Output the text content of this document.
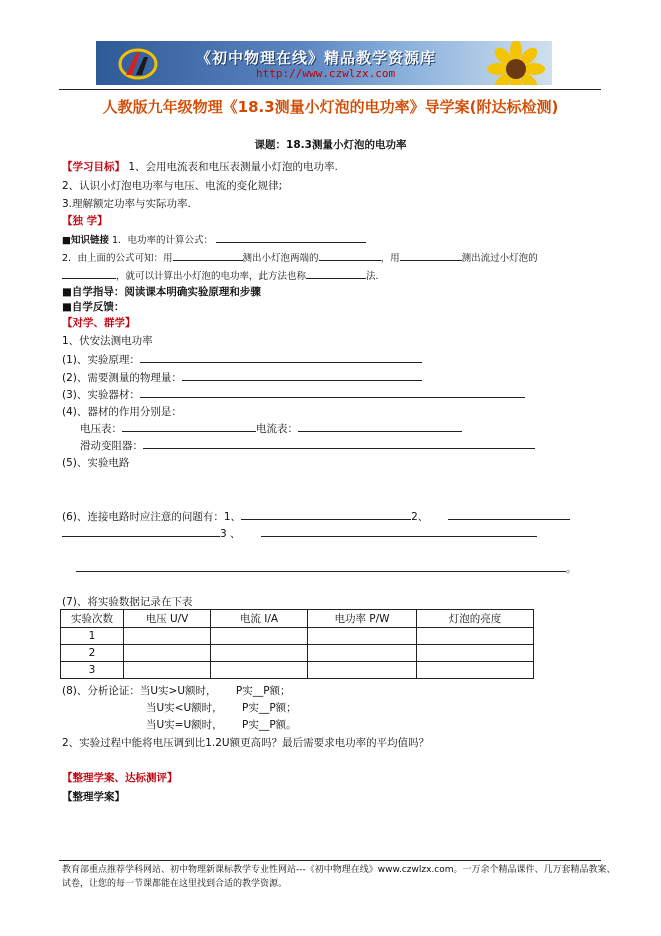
《初中物理在线》精品教学资源库
http://www.czwlzx.com
人教版九年级物理《18.3测量小灯泡的电功率》导学案(附达标检测)
课题：18.3测量小灯泡的电功率
【学习目标】 1、会用电流表和电压表测量小灯泡的电功率.
2、认识小灯泡电功率与电压、电流的变化规律;
3.理解额定功率与实际功率.
【独 学】
■知识链接 1．电功率的计算公式：
2．由上面的公式可知：用	测出小灯泡两端的	，用	测出流过小灯泡的
，就可以计算出小灯泡的电功率，此方法也称	法．
■自学指导：阅读课本明确实验原理和步骤
■自学反馈：
【对学、群学】
1、伏安法测电功率
(1)、实验原理：
(2)、需要测量的物理量：
(3)、实验器材：
(4)、器材的作用分别是：
电压表：	电流表：
滑动变阻器：
(5)、实验电路
(6)、连接电路时应注意的问题有：1、	2、
3 、
。
(7)、将实验数据记录在下表
实验次数	电压 U/V	电流 I/A	电功率 P/W	灯泡的亮度
1				
2				
3				
(8)、分析论证：当U实>U额时， P实__P额；
当U实<U额时， P实__P额；
当U实=U额时， P实__P额。
2、实验过程中能将电压调到比1.2U额更高吗？最后需要求电功率的平均值吗？
【整理学案、达标测评】
【整理学案】
教育部重点推荐学科网站、初中物理新课标教学专业性网站---《初中物理在线》www.czwlzx.com。一万余个精品课件、几万套精品教案、试卷，让您的每一节课都能在这里找到合适的教学资源。
